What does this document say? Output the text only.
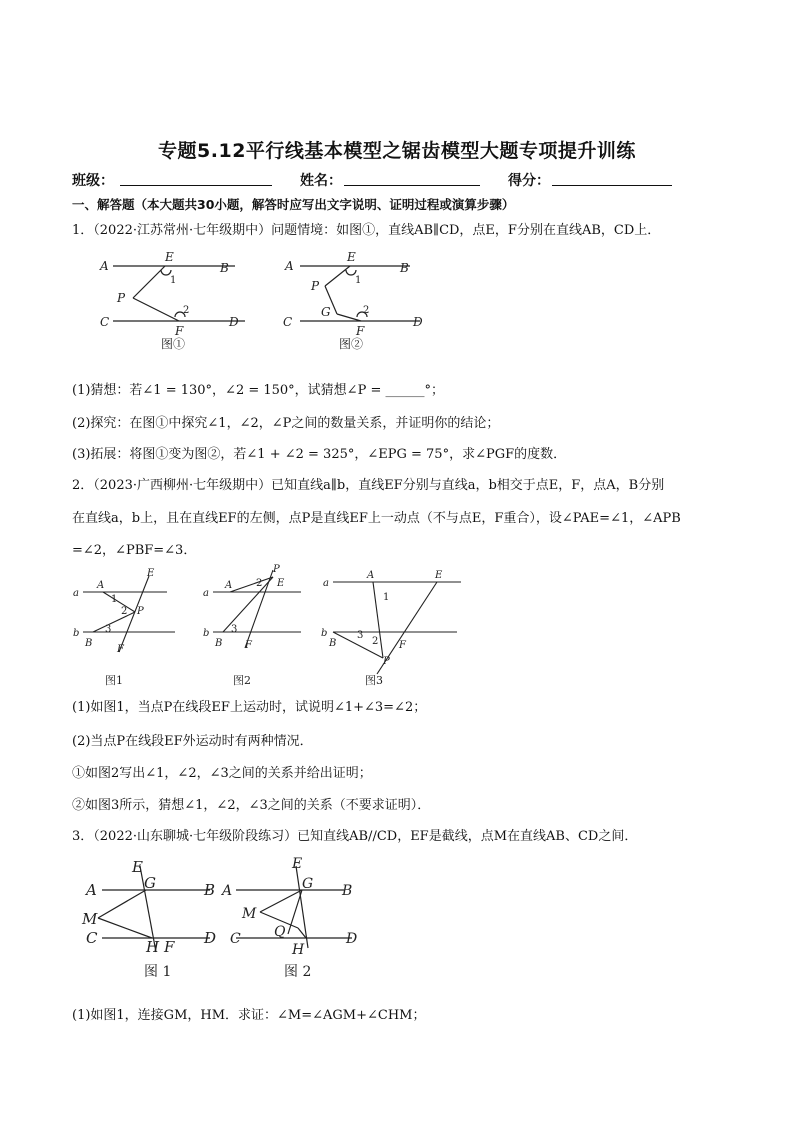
专题5.12平行线基本模型之锯齿模型大题专项提升训练
班级：	姓名：	得分：
一、解答题（本大题共30小题，解答时应写出文字说明、证明过程或演算步骤）
1．（2022·江苏常州·七年级期中）问题情境：如图①，直线AB∥CD，点E，F分别在直线AB，CD上．
A
E
B
1
P
2
C
F
D
图①
A
E
B
1
P
G	2
C
F
D
图②
(1)猜想：若∠1 = 130°，∠2 = 150°，试猜想∠P = ______°；
(2)探究：在图①中探究∠1，∠2，∠P之间的数量关系，并证明你的结论；
(3)拓展：将图①变为图②，若∠1 + ∠2 = 325°，∠EPG = 75°，求∠PGF的度数．
2．（2023·广西柳州·七年级期中）已知直线a∥b，直线EF分别与直线a，b相交于点E，F，点A，B分别
在直线a，b上，且在直线EF的左侧，点P是直线EF上一动点（不与点E，F重合），设∠PAE=∠1，∠APB
=∠2，∠PBF=∠3．
a
A
E
1
2 P
3
b
B
F
图1
a
A
P
E
2
3
b
B F
图2
a
A	E
1
2
3
b
B	F
P
图3
(1)如图1，当点P在线段EF上运动时，试说明∠1+∠3=∠2；
(2)当点P在线段EF外运动时有两种情况．
①如图2写出∠1，∠2，∠3之间的关系并给出证明；
②如图3所示，猜想∠1，∠2，∠3之间的关系（不要求证明）．
3．（2022·山东聊城·七年级阶段练习）已知直线AB//CD，EF是截线，点M在直线AB、CD之间．
A
E
G	B
M
C	H F D
图 1
A
E
G B
M
Q
C
H
D
图 2
(1)如图1，连接GM，HM．求证：∠M=∠AGM+∠CHM；
